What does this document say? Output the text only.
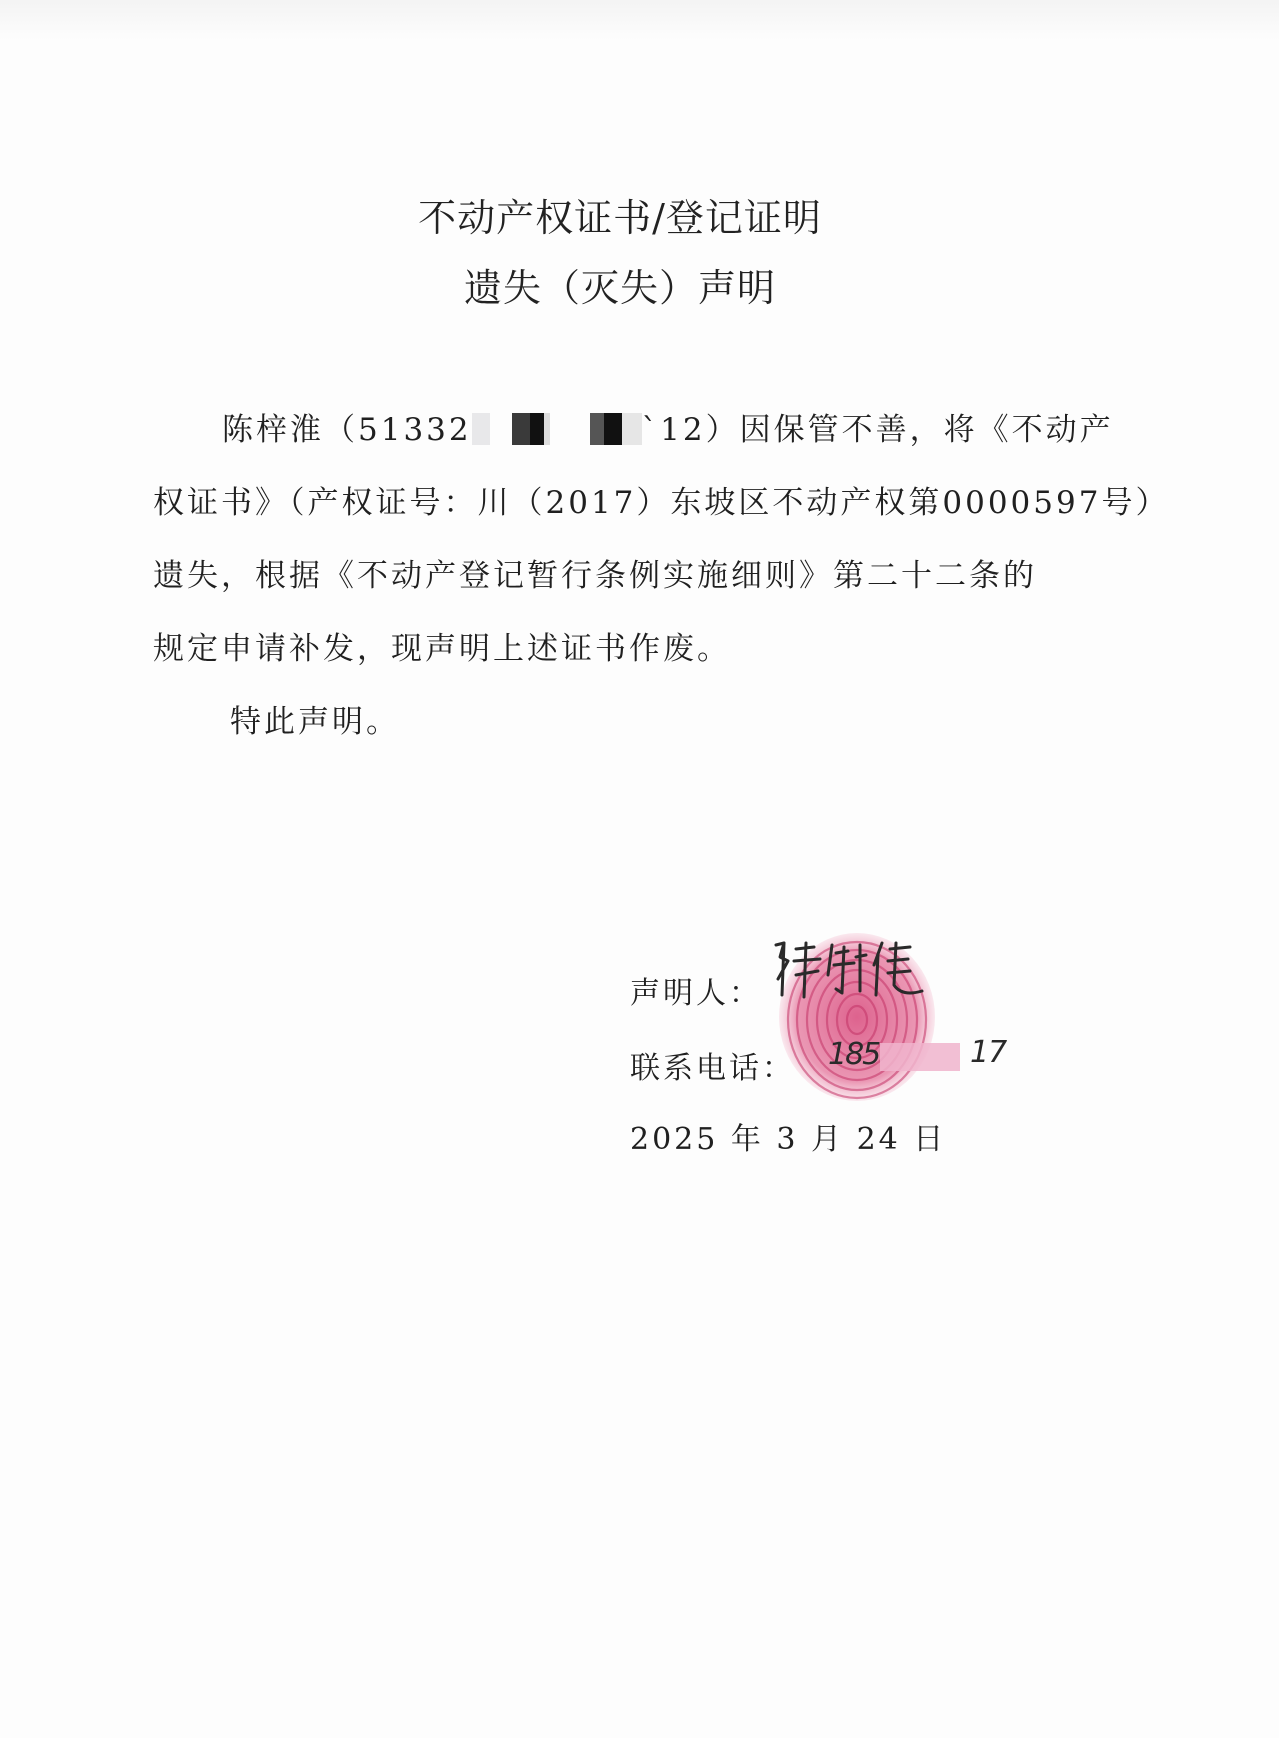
不动产权证书/登记证明
遗失（灭失）声明
陈梓淮（51332	`12）因保管不善，将《不动产
权证书》（产权证号：川（2017）东坡区不动产权第0000597号）
遗失，根据《不动产登记暂行条例实施细则》第二十二条的
规定申请补发，现声明上述证书作废。
特此声明。
声明人：
联系电话： 185	17
2025 年 3 月 24 日
